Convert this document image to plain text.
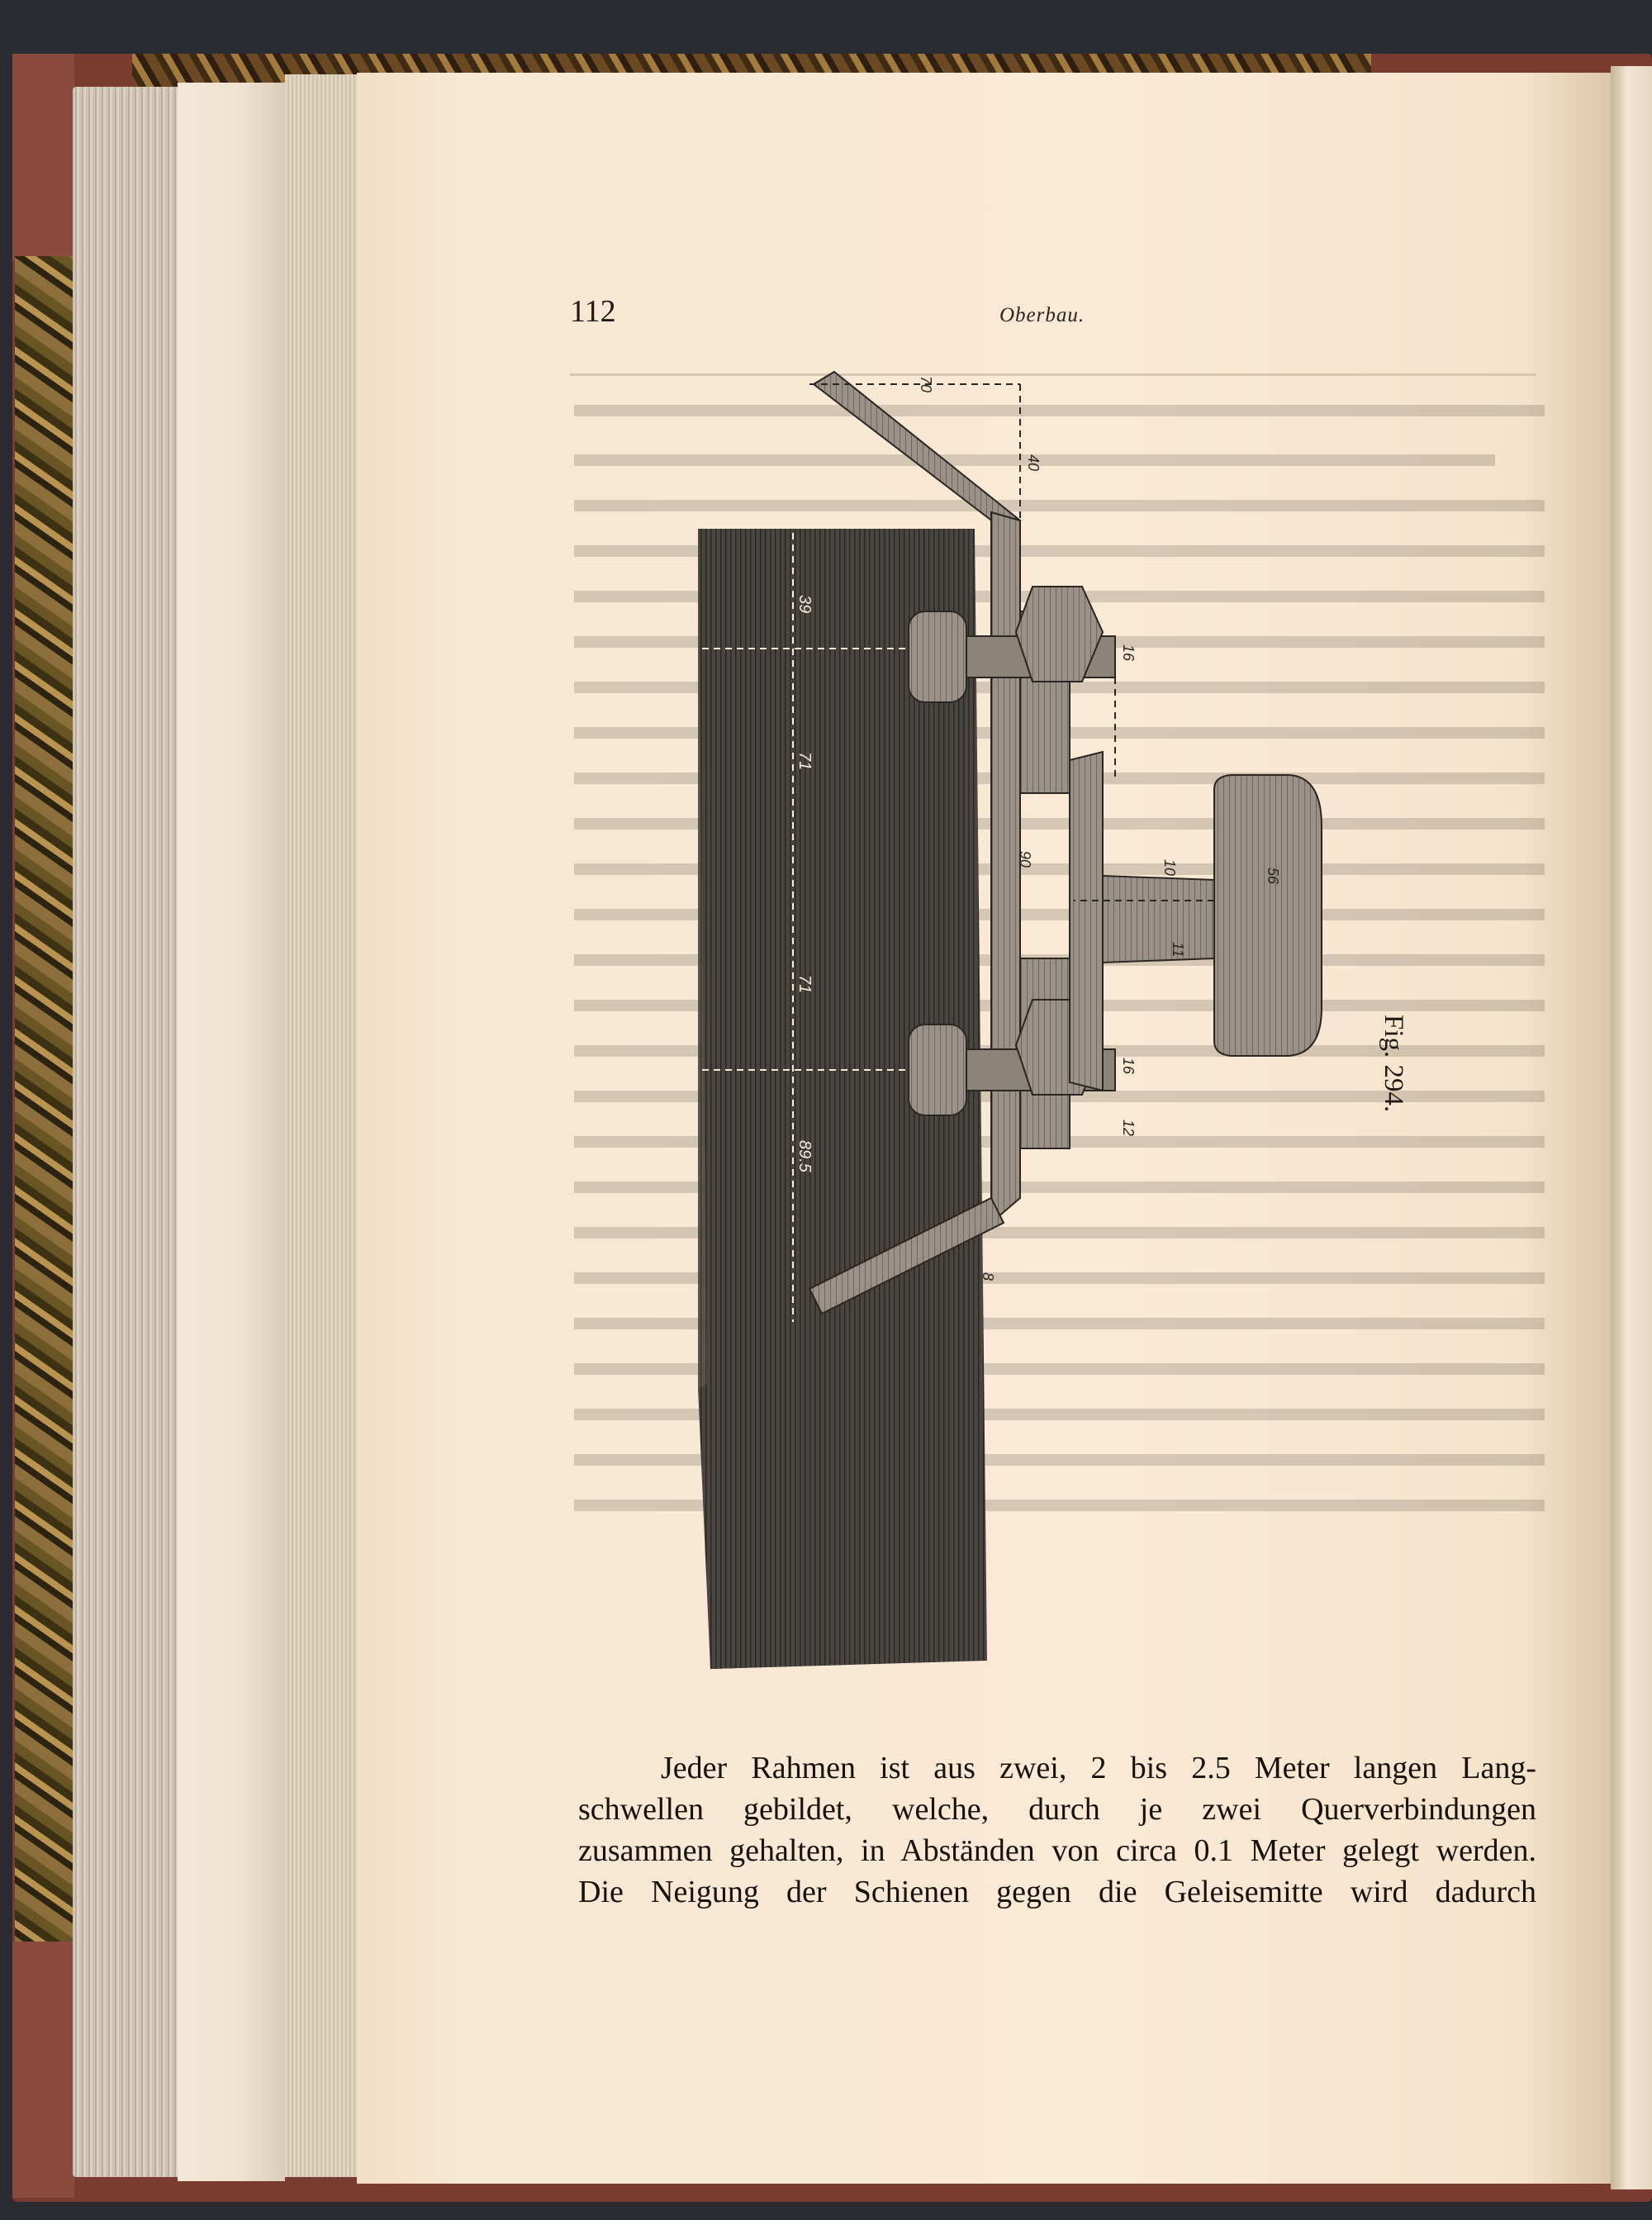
112	Oberbau.
39
71
71
89.5
70
40
16
90	10	56
11
16
12
8
Fig. 294.

Jeder Rahmen ist aus zwei, 2 bis 2.5 Meter langen Lang-

schwellen gebildet, welche, durch je zwei Querverbindungen

zusammen gehalten, in Abständen von circa 0.1 Meter gelegt werden.

Die Neigung der Schienen gegen die Geleisemitte wird dadurch
